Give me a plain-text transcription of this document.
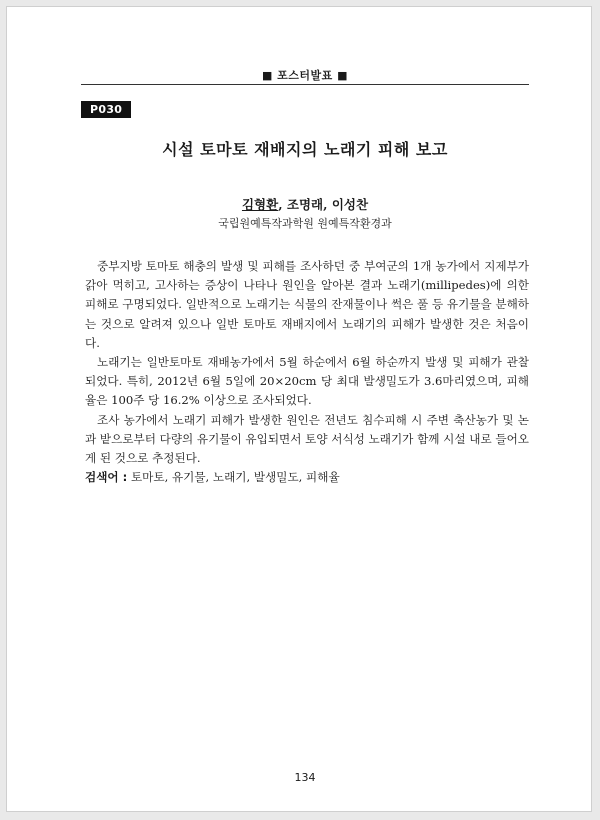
■ 포스터발표 ■
P030
시설 토마토 재배지의 노래기 피해 보고
김형환, 조명래, 이성찬
국립원예특작과학원 원예특작환경과

중부지방 토마토 해충의 발생 및 피해를 조사하던 중 부여군의 1개 농가에서 지제부가 갉아 먹히고, 고사하는 증상이 나타나 원인을 알아본 결과 노래기(millipedes)에 의한 피해로 구명되었다. 일반적으로 노래기는 식물의 잔재물이나 썩은 풀 등 유기물을 분해하는 것으로 알려져 있으나 일반 토마토 재배지에서 노래기의 피해가 발생한 것은 처음이다.

노래기는 일반토마토 재배농가에서 5월 하순에서 6월 하순까지 발생 및 피해가 관찰되었다. 특히, 2012년 6월 5일에 20×20cm 당 최대 발생밀도가 3.6마리였으며, 피해율은 100주 당 16.2% 이상으로 조사되었다.

조사 농가에서 노래기 피해가 발생한 원인은 전년도 침수피해 시 주변 축산농가 및 논과 밭으로부터 다량의 유기물이 유입되면서 토양 서식성 노래기가 함께 시설 내로 들어오게 된 것으로 추정된다.

검색어 : 토마토, 유기물, 노래기, 발생밀도, 피해율
134
